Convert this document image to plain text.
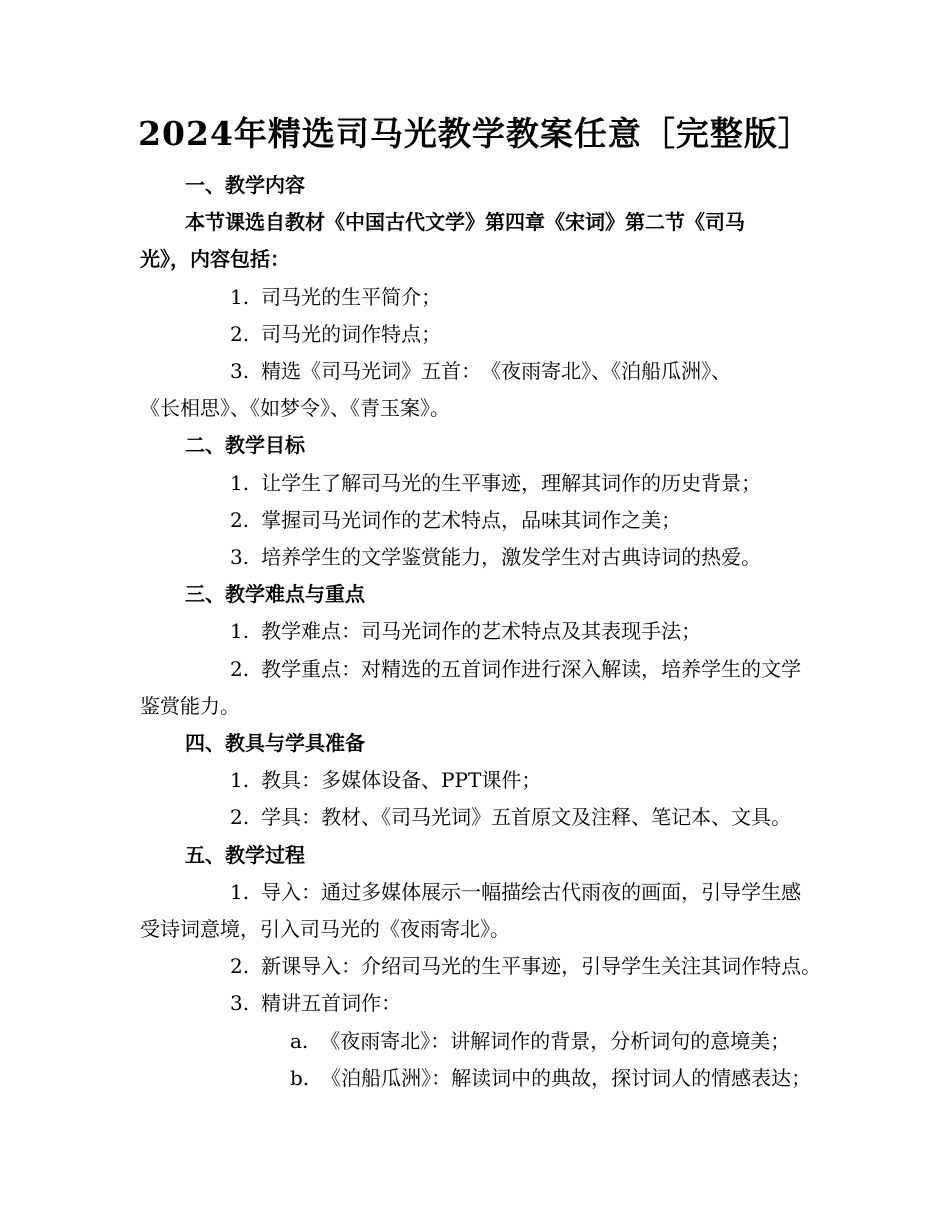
2024年精选司马光教学教案任意［完整版］

一、教学内容

本节课选自教材《中国古代文学》第四章《宋词》第二节《司马

光》，内容包括：

1. 司马光的生平简介；

2. 司马光的词作特点；

3. 精选《司马光词》五首：　《夜雨寄北》、《泊船瓜洲》、

《长相思》、《如梦令》、《青玉案》。

二、教学目标

1. 让学生了解司马光的生平事迹，理解其词作的历史背景；

2. 掌握司马光词作的艺术特点，品味其词作之美；

3. 培养学生的文学鉴赏能力，激发学生对古典诗词的热爱。

三、教学难点与重点

1. 教学难点：司马光词作的艺术特点及其表现手法；

2. 教学重点：对精选的五首词作进行深入解读，培养学生的文学

鉴赏能力。

四、教具与学具准备

1. 教具：多媒体设备、PPT课件；

2. 学具：教材、《司马光词》五首原文及注释、笔记本、文具。

五、教学过程

1. 导入：通过多媒体展示一幅描绘古代雨夜的画面，引导学生感

受诗词意境，引入司马光的《夜雨寄北》。

2. 新课导入：介绍司马光的生平事迹，引导学生关注其词作特点。

3. 精讲五首词作：

a. 《夜雨寄北》：讲解词作的背景，分析词句的意境美；

b. 《泊船瓜洲》：解读词中的典故，探讨词人的情感表达；
